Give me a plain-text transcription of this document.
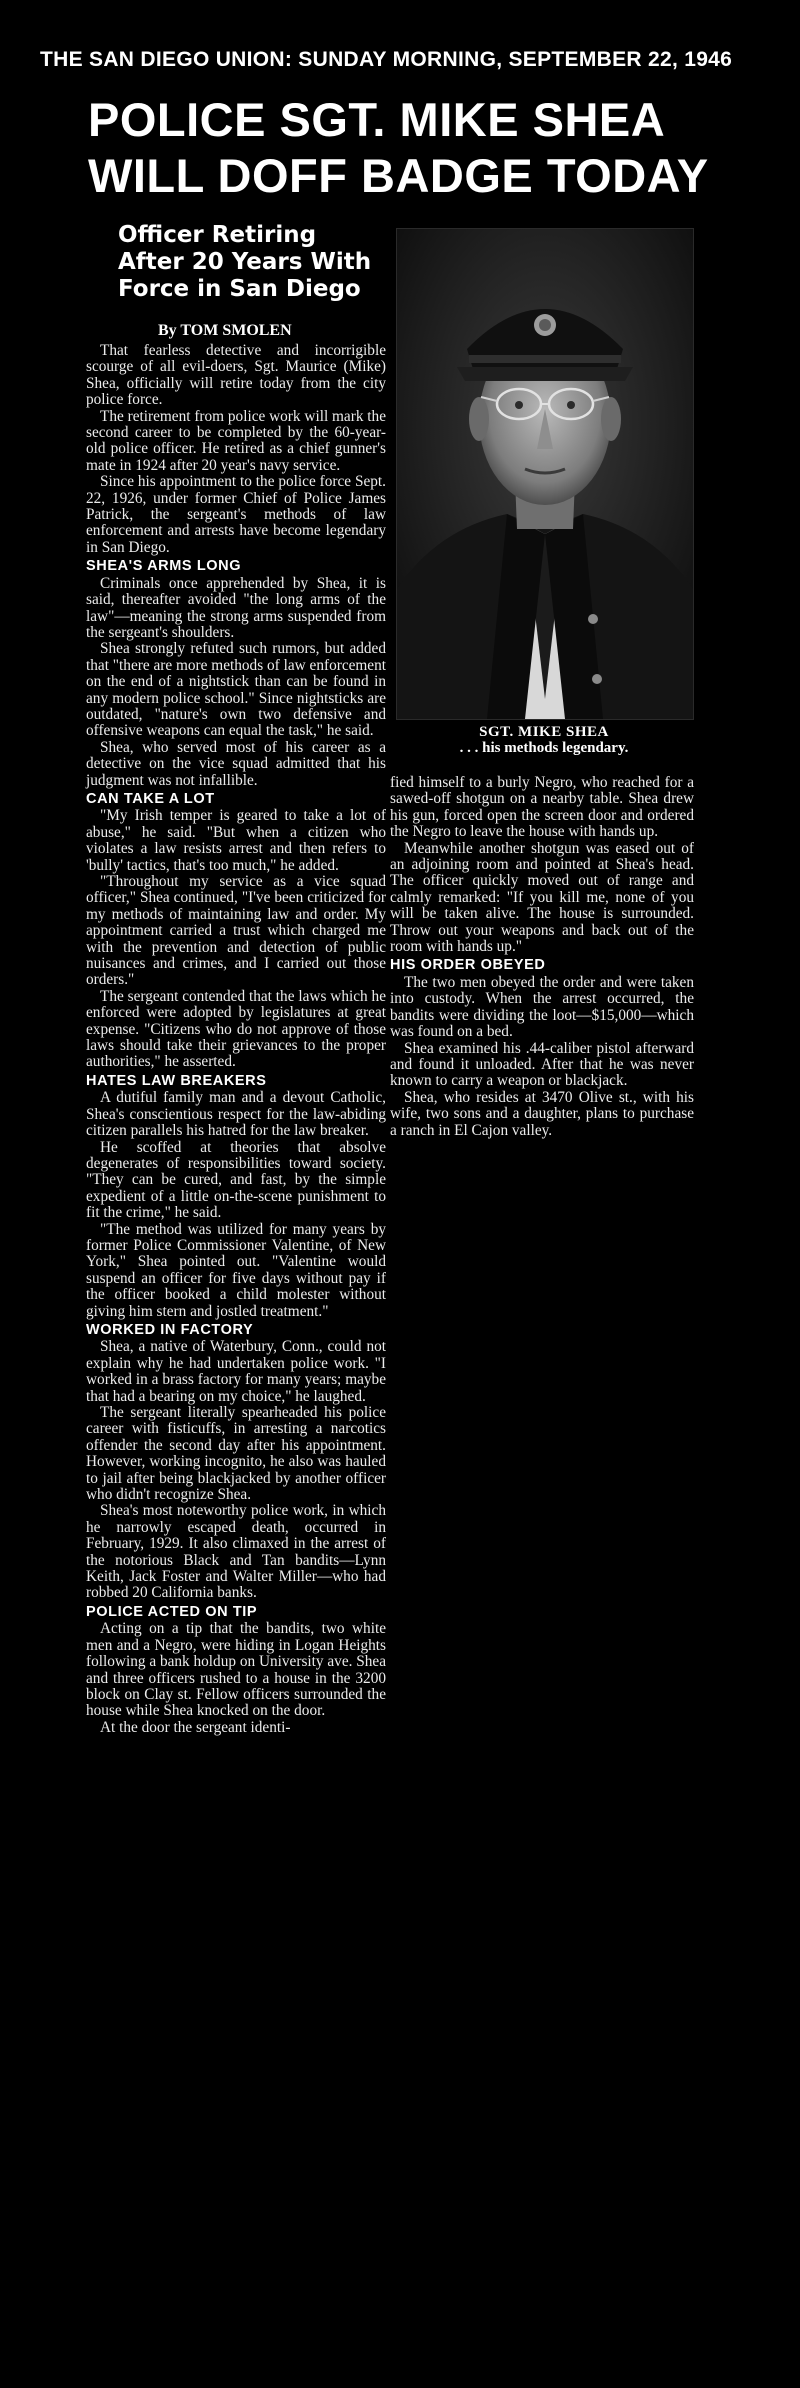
THE SAN DIEGO UNION: SUNDAY MORNING, SEPTEMBER 22, 1946
POLICE SGT. MIKE SHEA
WILL DOFF BADGE TODAY
Officer Retiring
After 20 Years With
Force in San Diego
By TOM SMOLEN

That fearless detective and incorrigible scourge of all evil-doers, Sgt. Maurice (Mike) Shea, officially will retire today from the city police force.

The retirement from police work will mark the second career to be completed by the 60-year-old police officer. He retired as a chief gunner's mate in 1924 after 20 year's navy service.

Since his appointment to the police force Sept. 22, 1926, under former Chief of Police James Patrick, the sergeant's methods of law enforcement and arrests have become legendary in San Diego.

SHEA'S ARMS LONG

Criminals once apprehended by Shea, it is said, thereafter avoided "the long arms of the law"—meaning the strong arms suspended from the sergeant's shoulders.

Shea strongly refuted such rumors, but added that "there are more methods of law enforcement on the end of a nightstick than can be found in any modern police school." Since nightsticks are outdated, "nature's own two defensive and offensive weapons can equal the task," he said.

Shea, who served most of his career as a detective on the vice squad admitted that his judgment was not infallible.

CAN TAKE A LOT

"My Irish temper is geared to take a lot of abuse," he said. "But when a citizen who violates a law resists arrest and then refers to 'bully' tactics, that's too much," he added.

"Throughout my service as a vice squad officer," Shea continued, "I've been criticized for my methods of maintaining law and order. My appointment carried a trust which charged me with the prevention and detection of public nuisances and crimes, and I carried out those orders."

The sergeant contended that the laws which he enforced were adopted by legislatures at great expense. "Citizens who do not approve of those laws should take their grievances to the proper authorities," he asserted.

HATES LAW BREAKERS

A dutiful family man and a devout Catholic, Shea's conscientious respect for the law-abiding citizen parallels his hatred for the law breaker.

He scoffed at theories that absolve degenerates of responsibilities toward society. "They can be cured, and fast, by the simple expedient of a little on-the-scene punishment to fit the crime," he said.

"The method was utilized for many years by former Police Commissioner Valentine, of New York," Shea pointed out. "Valentine would suspend an officer for five days without pay if the officer booked a child molester without giving him stern and jostled treatment."

WORKED IN FACTORY

Shea, a native of Waterbury, Conn., could not explain why he had undertaken police work. "I worked in a brass factory for many years; maybe that had a bearing on my choice," he laughed.

The sergeant literally spearheaded his police career with fisticuffs, in arresting a narcotics offender the second day after his appointment. However, working incognito, he also was hauled to jail after being blackjacked by another officer who didn't recognize Shea.

Shea's most noteworthy police work, in which he narrowly escaped death, occurred in February, 1929. It also climaxed in the arrest of the notorious Black and Tan bandits—Lynn Keith, Jack Foster and Walter Miller—who had robbed 20 California banks.

POLICE ACTED ON TIP

Acting on a tip that the bandits, two white men and a Negro, were hiding in Logan Heights following a bank holdup on University ave. Shea and three officers rushed to a house in the 3200 block on Clay st. Fellow officers surrounded the house while Shea knocked on the door.

At the door the sergeant identi-

SGT. MIKE SHEA
. . . his methods legendary.

fied himself to a burly Negro, who reached for a sawed-off shotgun on a nearby table. Shea drew his gun, forced open the screen door and ordered the Negro to leave the house with hands up.

Meanwhile another shotgun was eased out of an adjoining room and pointed at Shea's head. The officer quickly moved out of range and calmly remarked: "If you kill me, none of you will be taken alive. The house is surrounded. Throw out your weapons and back out of the room with hands up."

HIS ORDER OBEYED

The two men obeyed the order and were taken into custody. When the arrest occurred, the bandits were dividing the loot—$15,000—which was found on a bed.

Shea examined his .44-caliber pistol afterward and found it unloaded. After that he was never known to carry a weapon or blackjack.

Shea, who resides at 3470 Olive st., with his wife, two sons and a daughter, plans to purchase a ranch in El Cajon valley.
